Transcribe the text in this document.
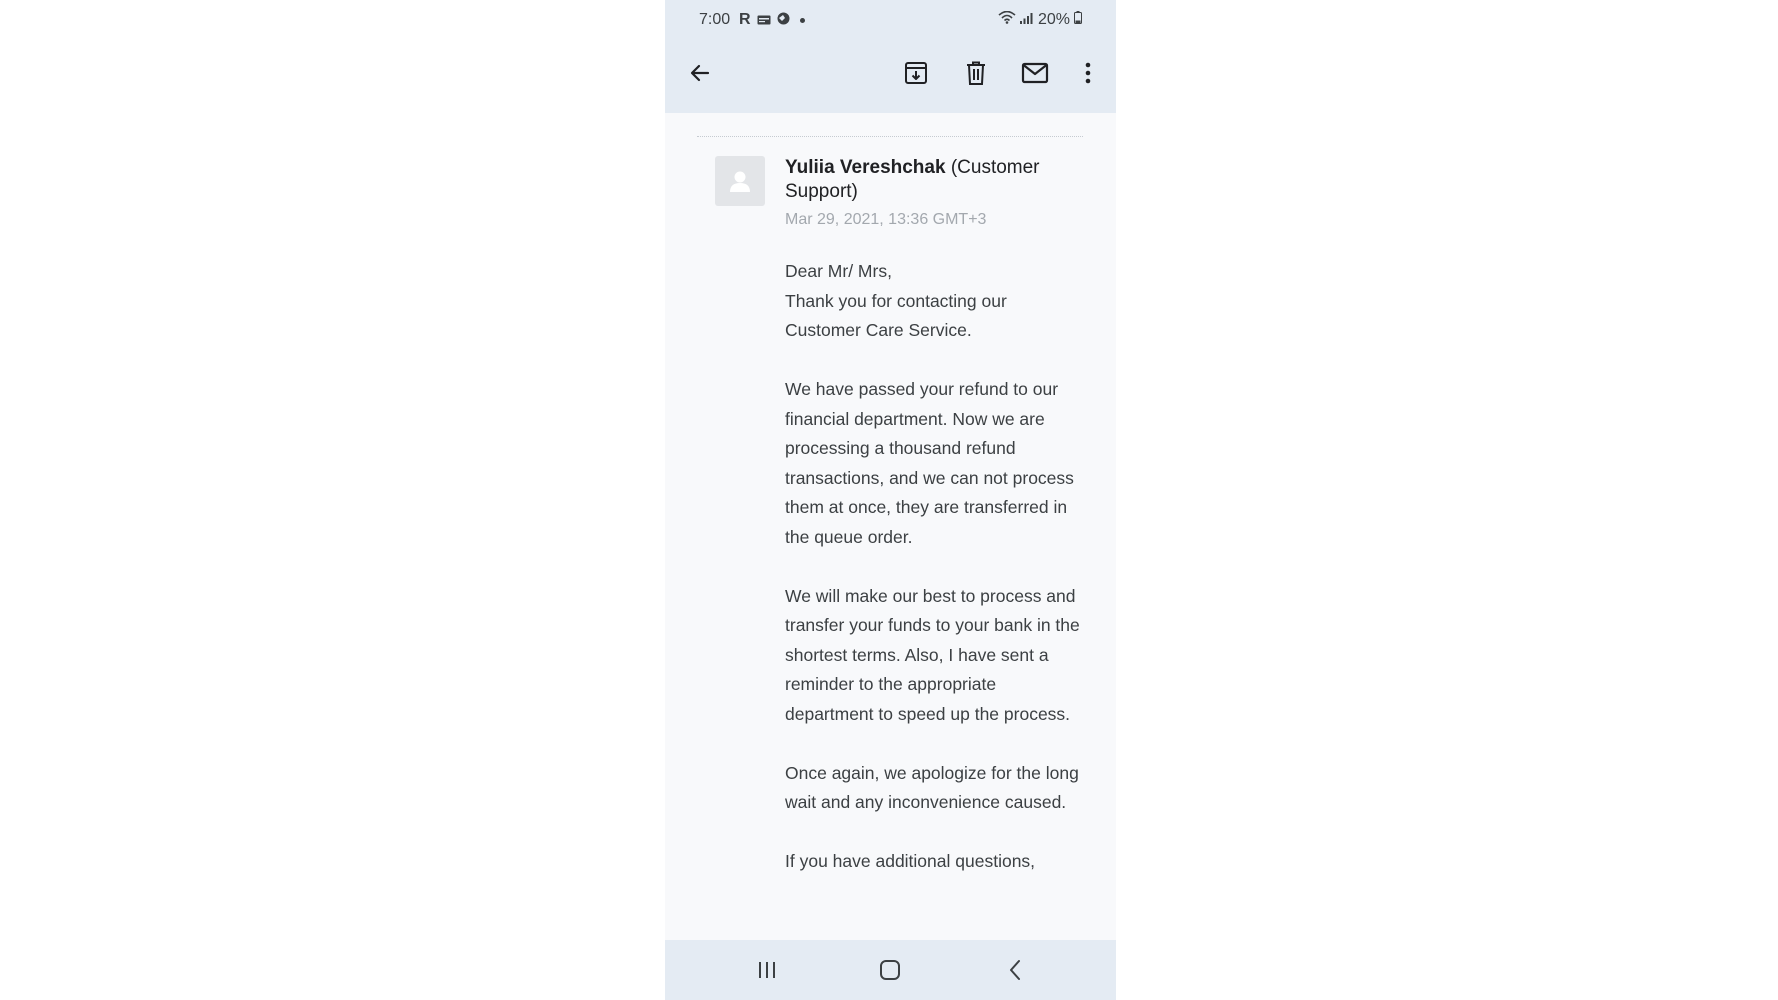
7:00 R	20%
Yuliia Vereshchak (Customer Support)
Mar 29, 2021, 13:36 GMT+3

Dear Mr/ Mrs,
Thank you for contacting our Customer Care Service.

We have passed your refund to our financial department. Now we are processing a thousand refund transactions, and we can not process them at once, they are transferred in the queue order.

We will make our best to process and transfer your funds to your bank in the shortest terms. Also, I have sent a reminder to the appropriate department to speed up the process.

Once again, we apologize for the long wait and any inconvenience caused.

If you have additional questions,
